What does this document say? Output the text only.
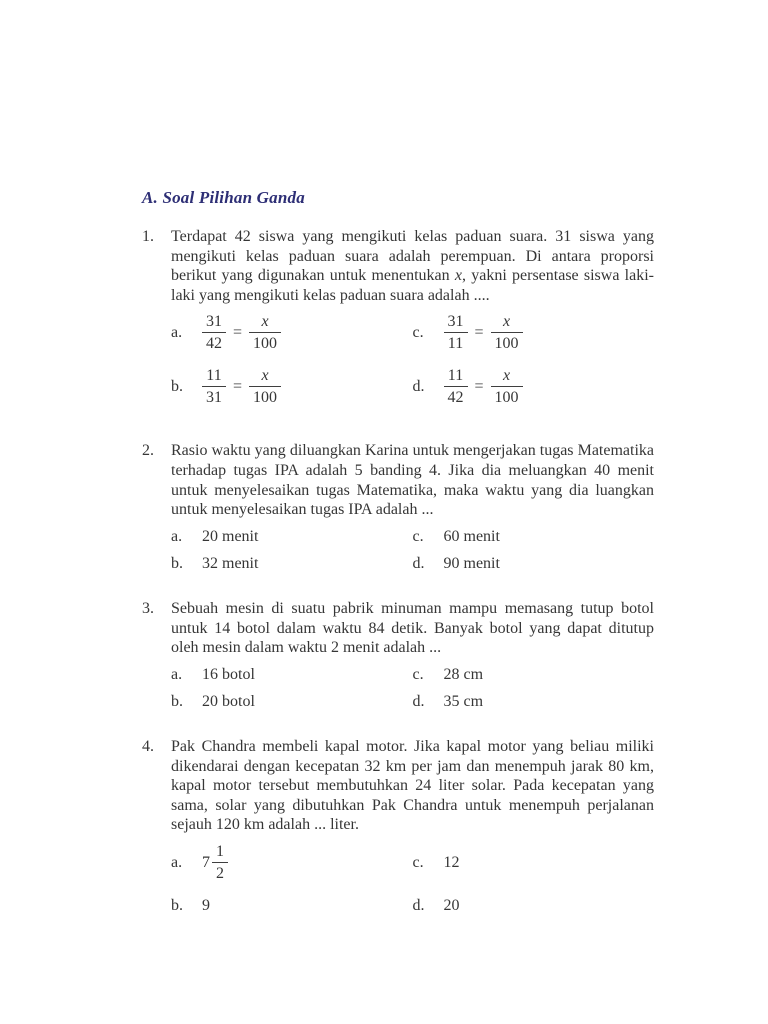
A. Soal Pilihan Ganda
1.	Terdapat 42 siswa yang mengikuti kelas paduan suara. 31 siswa yang mengikuti kelas paduan suara adalah perempuan. Di antara proporsi berikut yang digunakan untuk menentukan x, yakni persentase siswa laki-laki yang mengikuti kelas paduan suara adalah ....

a.	$\frac{31}{42} = \frac{x}{100}$	c.	$\frac{31}{11} = \frac{x}{100}$
b.	$\frac{11}{31} = \frac{x}{100}$	d.	$\frac{11}{42} = \frac{x}{100}$
2.	Rasio waktu yang diluangkan Karina untuk mengerjakan tugas Matematika terhadap tugas IPA adalah 5 banding 4. Jika dia meluangkan 40 menit untuk menyelesaikan tugas Matematika, maka waktu yang dia luangkan untuk menyelesaikan tugas IPA adalah ...

a.	20 menit	c.	60 menit
b.	32 menit	d.	90 menit
3.	Sebuah mesin di suatu pabrik minuman mampu memasang tutup botol untuk 14 botol dalam waktu 84 detik. Banyak botol yang dapat ditutup oleh mesin dalam waktu 2 menit adalah ...

a.	16 botol	c.	28 cm
b.	20 botol	d.	35 cm
4.	Pak Chandra membeli kapal motor. Jika kapal motor yang beliau miliki dikendarai dengan kecepatan 32 km per jam dan menempuh jarak 80 km, kapal motor tersebut membutuhkan 24 liter solar. Pada kecepatan yang sama, solar yang dibutuhkan Pak Chandra untuk menempuh perjalanan sejauh 120 km adalah ... liter.

a.	$7 \frac{1}{2}$	c.	12
b.	9	d.	20
